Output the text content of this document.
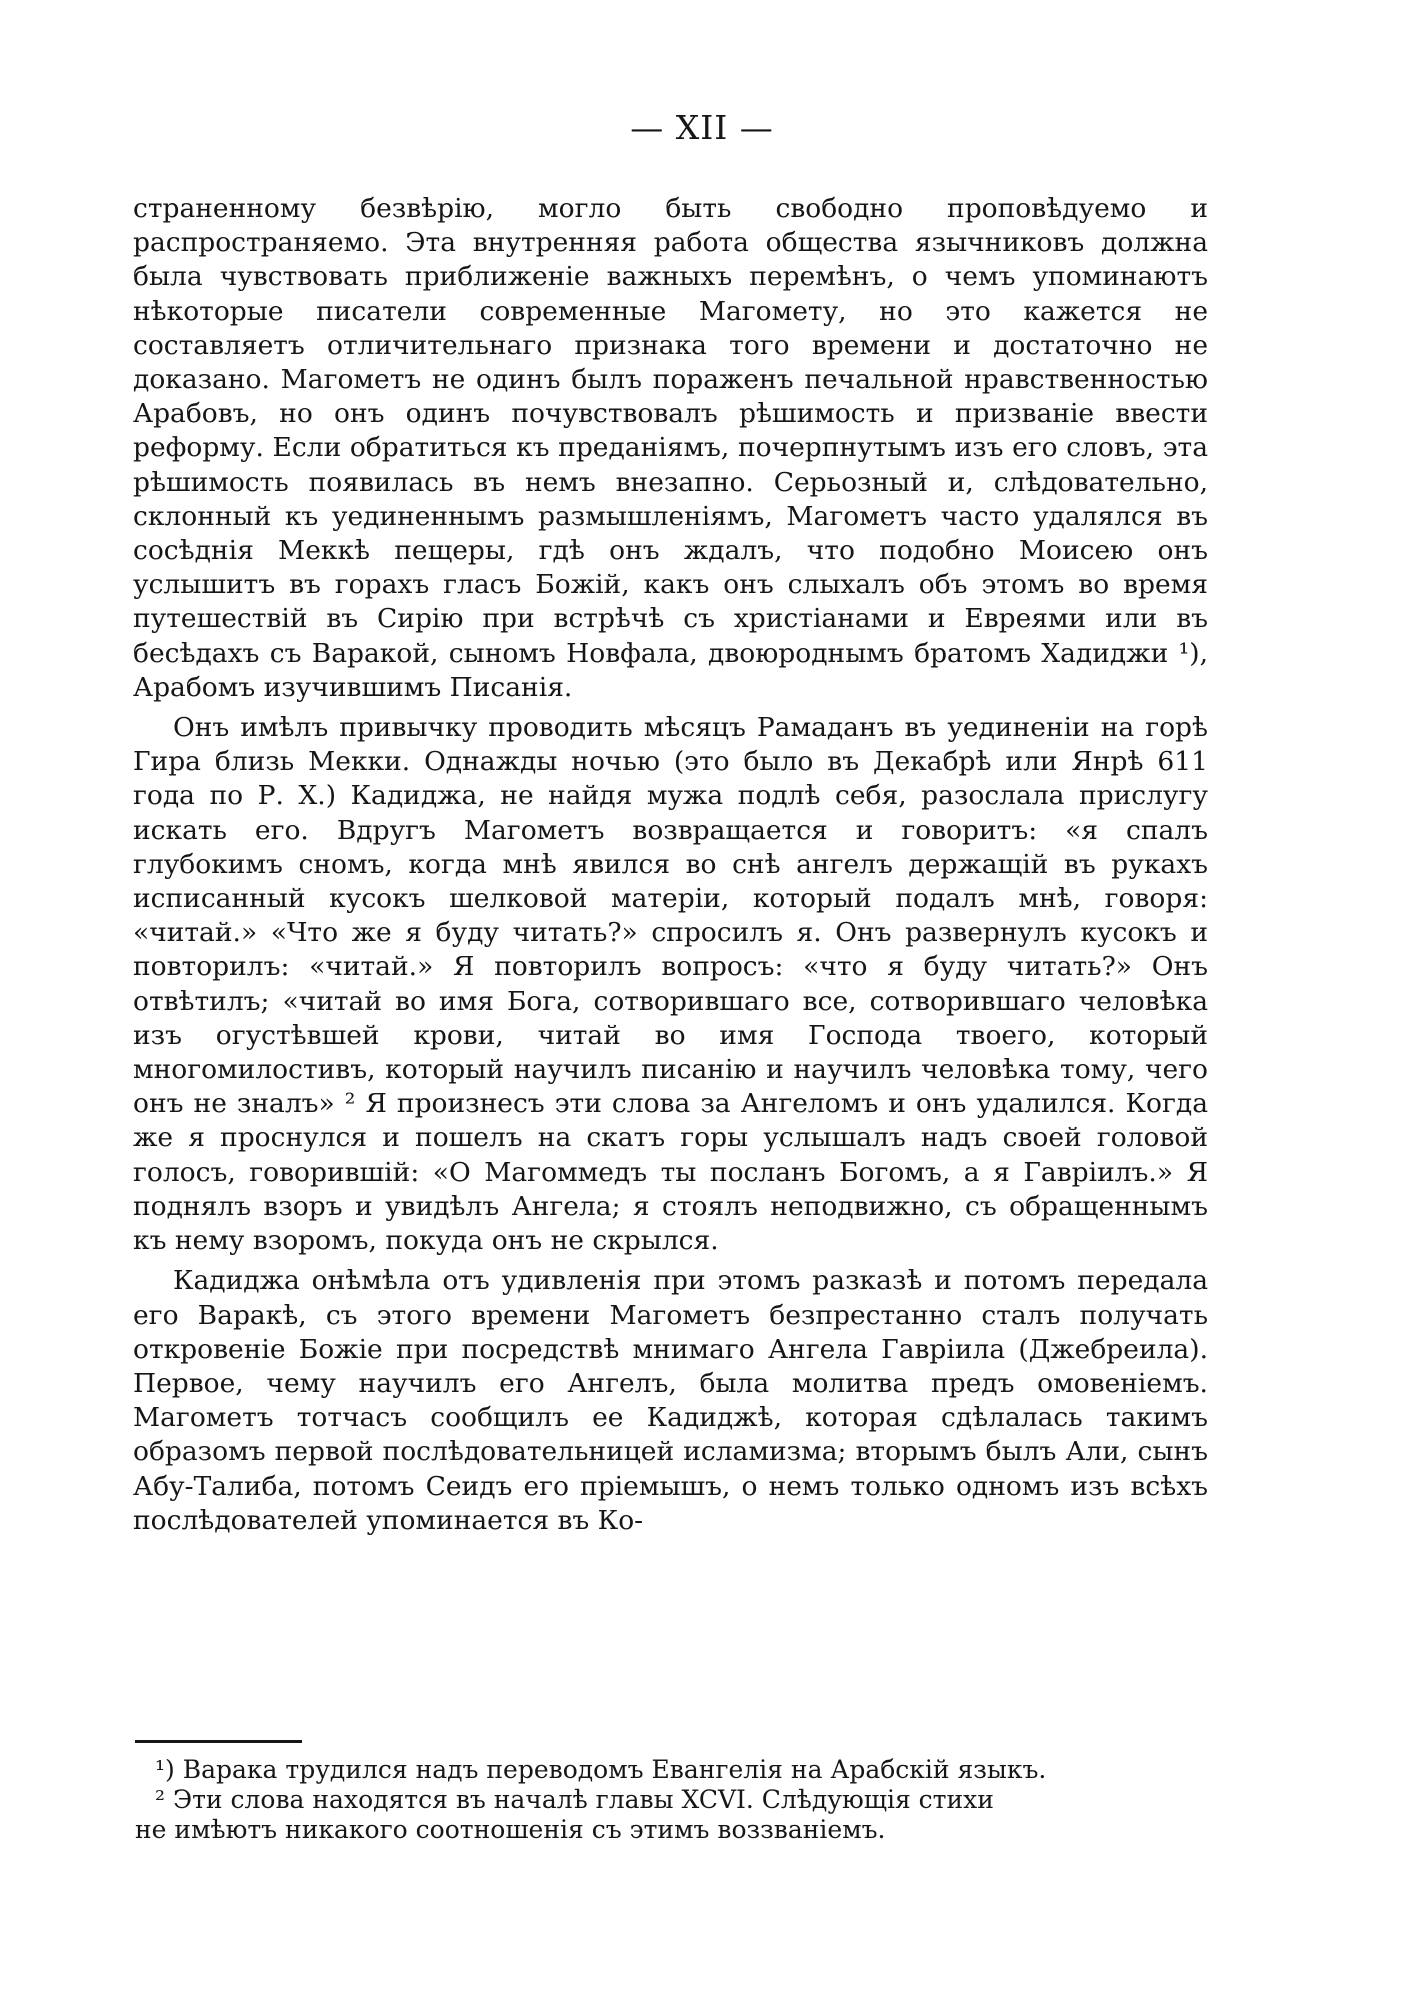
— XII —

страненному безвѣрію, могло быть свободно проповѣдуемо и распространяемо. Эта внутренняя работа общества язычниковъ должна была чувствовать приближеніе важныхъ перемѣнъ, о чемъ упоминаютъ нѣкоторые писатели современные Магомету, но это кажется не составляетъ отличительнаго признака того времени и достаточно не доказано. Магометъ не одинъ былъ пораженъ печальной нравственностью Арабовъ, но онъ одинъ почувствовалъ рѣшимость и призваніе ввести реформу. Если обратиться къ преданіямъ, почерпнутымъ изъ его словъ, эта рѣшимость появилась въ немъ внезапно. Серьозный и, слѣдовательно, склонный къ уединеннымъ размышленіямъ, Магометъ часто удалялся въ сосѣднія Меккѣ пещеры, гдѣ онъ ждалъ, что подобно Моисею онъ услышитъ въ горахъ гласъ Божій, какъ онъ слыхалъ объ этомъ во время путешествій въ Сирію при встрѣчѣ съ христіанами и Евреями или въ бесѣдахъ съ Варакой, сыномъ Новфала, двоюроднымъ братомъ Хадиджи ¹), Арабомъ изучившимъ Писанія.

Онъ имѣлъ привычку проводить мѣсяцъ Рамаданъ въ уединеніи на горѣ Гира близь Мекки. Однажды ночью (это было въ Декабрѣ или Янрѣ 611 года по Р. Х.) Кадиджа, не найдя мужа подлѣ себя, разослала прислугу искать его. Вдругъ Магометъ возвращается и говоритъ: «я спалъ глубокимъ сномъ, когда мнѣ явился во снѣ ангелъ держащій въ рукахъ исписанный кусокъ шелковой матеріи, который подалъ мнѣ, говоря: «читай.» «Что же я буду читать?» спросилъ я. Онъ развернулъ кусокъ и повторилъ: «читай.» Я повторилъ вопросъ: «что я буду читать?» Онъ отвѣтилъ; «читай во имя Бога, сотворившаго все, сотворившаго человѣка изъ огустѣвшей крови, читай во имя Господа твоего, который многомилостивъ, который научилъ писанію и научилъ человѣка тому, чего онъ не зналъ» ² Я произнесъ эти слова за Ангеломъ и онъ удалился. Когда же я проснулся и пошелъ на скатъ горы услышалъ надъ своей головой голосъ, говорившій: «О Магоммедъ ты посланъ Богомъ, а я Гавріилъ.» Я поднялъ взоръ и увидѣлъ Ангела; я стоялъ неподвижно, съ обращеннымъ къ нему взоромъ, покуда онъ не скрылся.

Кадиджа онѣмѣла отъ удивленія при этомъ разказѣ и потомъ передала его Варакѣ, съ этого времени Магометъ безпрестанно сталъ получать откровеніе Божіе при посредствѣ мнимаго Ангела Гавріила (Джебреила). Первое, чему научилъ его Ангелъ, была молитва предъ омовеніемъ. Магометъ тотчасъ сообщилъ ее Кадиджѣ, которая сдѣлалась такимъ образомъ первой послѣдовательницей исламизма; вторымъ былъ Али, сынъ Абу-Талиба, потомъ Сеидъ его пріемышъ, о немъ только одномъ изъ всѣхъ послѣдователей упоминается въ Ко-

¹) Варака трудился надъ переводомъ Евангелія на Арабскій языкъ.

² Эти слова находятся въ началѣ главы XCVI. Слѣдующія стихи

не имѣютъ никакого соотношенія съ этимъ воззваніемъ.
